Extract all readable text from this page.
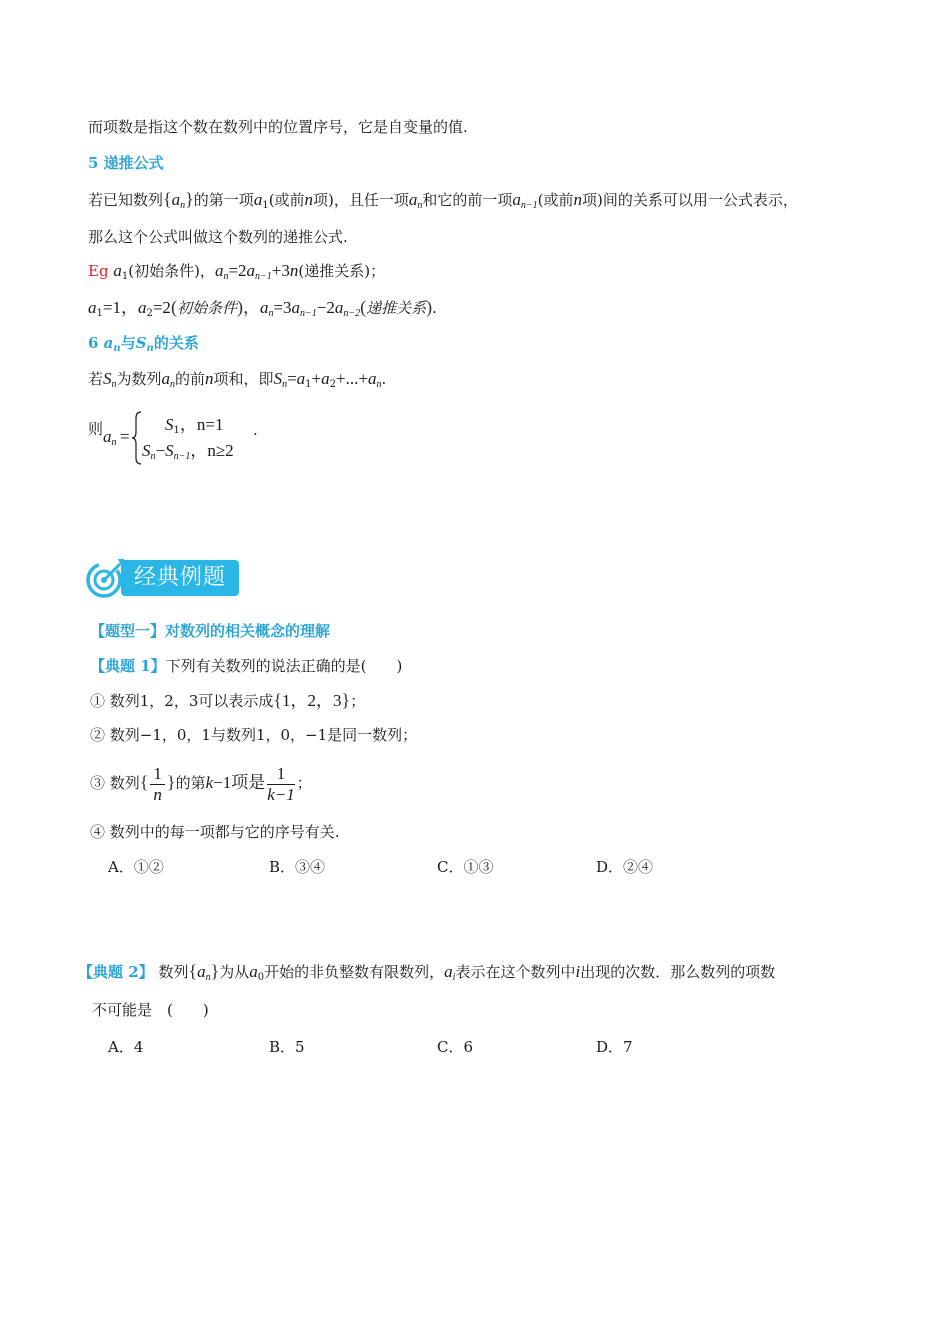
而项数是指这个数在数列中的位置序号，它是自变量的值.
5 递推公式
若已知数列$\{a_n\}$的第一项$a_1$(或前n项)，且任一项$a_n$和它的前一项$a_{n-1}$(或前n项)间的关系可以用一公式表示，
那么这个公式叫做这个数列的递推公式.
Eg $a_1$(初始条件)，$a_n=2a_{n-1}+3n$(递推关系)；
$a_1=1$，$a_2=2$(初始条件)，$a_n=3a_{n-1}-2a_{n-2}$(递推关系).
6 $a_n$与$S_n$的关系
若$S_n$为数列$a_n$的前n项和，即$S_n=a_1+a_2+...+a_n$.
则 $a_n$ =
$S_1$，n=1
$S_n-S_{n-1}$，n≥2
.
经典例题
【题型一】对数列的相关概念的理解
【典题 1】下列有关数列的说法正确的是(　　)
① 数列1，2，3可以表示成{1，2，3}；
② 数列−1，0，1与数列1，0，−1是同一数列；
③ 数列{ $\frac{1}{n}$ }的第k−1项是 $\frac{1}{k-1}$ ；
④ 数列中的每一项都与它的序号有关.
A．①②	B．③④	C．①③	D．②④
【典题 2】 数列$\{a_n\}$为从$a_0$开始的非负整数有限数列，$a_i$表示在这个数列中i出现的次数．那么数列的项数
不可能是　(　　)
A．4	B．5	C．6	D．7
